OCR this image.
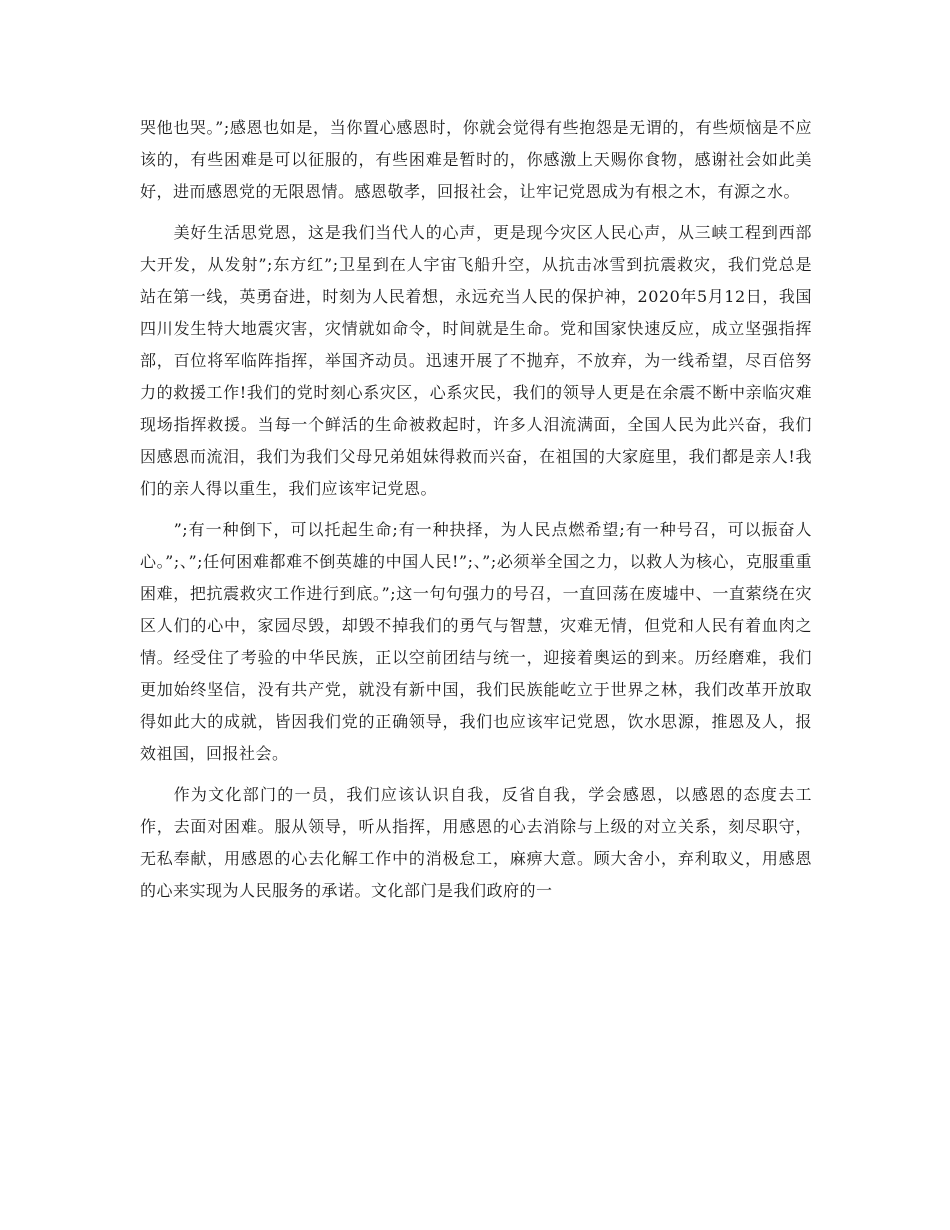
哭他也哭。”;感恩也如是，当你置心感恩时，你就会觉得有些抱怨是无谓的，有些烦恼是不应该的，有些困难是可以征服的，有些困难是暂时的，你感激上天赐你食物，感谢社会如此美好，进而感恩党的无限恩情。感恩敬孝，回报社会，让牢记党恩成为有根之木，有源之水。

美好生活思党恩，这是我们当代人的心声，更是现今灾区人民心声，从三峡工程到西部大开发，从发射”;东方红”;卫星到在人宇宙飞船升空，从抗击冰雪到抗震救灾，我们党总是站在第一线，英勇奋进，时刻为人民着想，永远充当人民的保护神，2020年5月12日，我国四川发生特大地震灾害，灾情就如命令，时间就是生命。党和国家快速反应，成立坚强指挥部，百位将军临阵指挥，举国齐动员。迅速开展了不抛弃，不放弃，为一线希望，尽百倍努力的救援工作!我们的党时刻心系灾区，心系灾民，我们的领导人更是在余震不断中亲临灾难现场指挥救援。当每一个鲜活的生命被救起时，许多人泪流满面，全国人民为此兴奋，我们因感恩而流泪，我们为我们父母兄弟姐妹得救而兴奋，在祖国的大家庭里，我们都是亲人!我们的亲人得以重生，我们应该牢记党恩。

”;有一种倒下，可以托起生命;有一种抉择，为人民点燃希望;有一种号召，可以振奋人心。”;、”;任何困难都难不倒英雄的中国人民!”;、”;必须举全国之力，以救人为核心，克服重重困难，把抗震救灾工作进行到底。”;这一句句强力的号召，一直回荡在废墟中、一直萦绕在灾区人们的心中，家园尽毁，却毁不掉我们的勇气与智慧，灾难无情，但党和人民有着血肉之情。经受住了考验的中华民族，正以空前团结与统一，迎接着奥运的到来。历经磨难，我们更加始终坚信，没有共产党，就没有新中国，我们民族能屹立于世界之林，我们改革开放取得如此大的成就，皆因我们党的正确领导，我们也应该牢记党恩，饮水思源，推恩及人，报效祖国，回报社会。

作为文化部门的一员，我们应该认识自我，反省自我，学会感恩，以感恩的态度去工作，去面对困难。服从领导，听从指挥，用感恩的心去消除与上级的对立关系，刻尽职守，无私奉献，用感恩的心去化解工作中的消极怠工，麻痹大意。顾大舍小，弃利取义，用感恩的心来实现为人民服务的承诺。文化部门是我们政府的一
